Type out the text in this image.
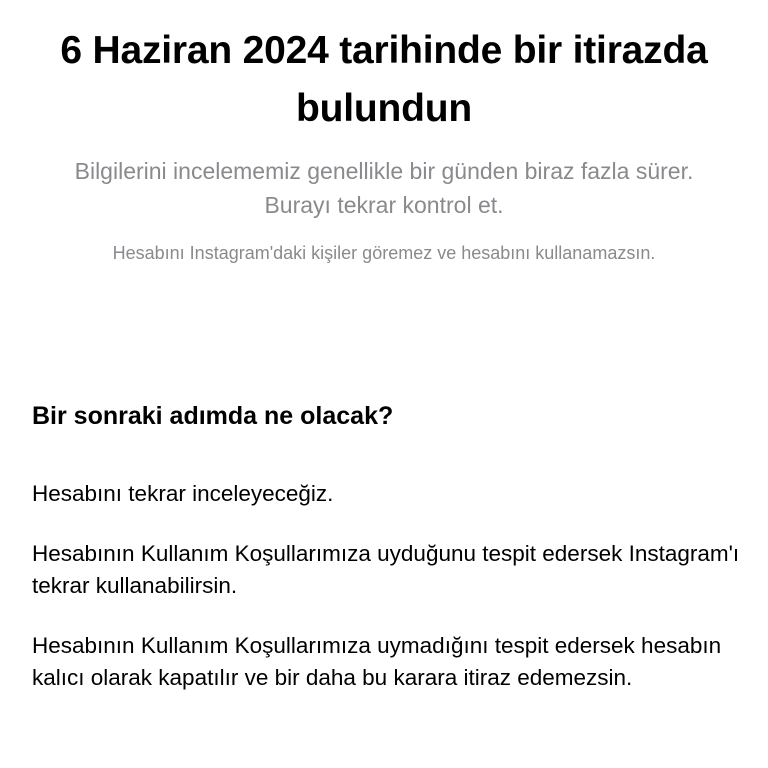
6 Haziran 2024 tarihinde bir itirazda bulundun

Bilgilerini incelememiz genellikle bir günden biraz fazla sürer. Burayı tekrar kontrol et.

Hesabını Instagram'daki kişiler göremez ve hesabını kullanamazsın.

Bir sonraki adımda ne olacak?

Hesabını tekrar inceleyeceğiz.

Hesabının Kullanım Koşullarımıza uyduğunu tespit edersek Instagram'ı tekrar kullanabilirsin.

Hesabının Kullanım Koşullarımıza uymadığını tespit edersek hesabın kalıcı olarak kapatılır ve bir daha bu karara itiraz edemezsin.
